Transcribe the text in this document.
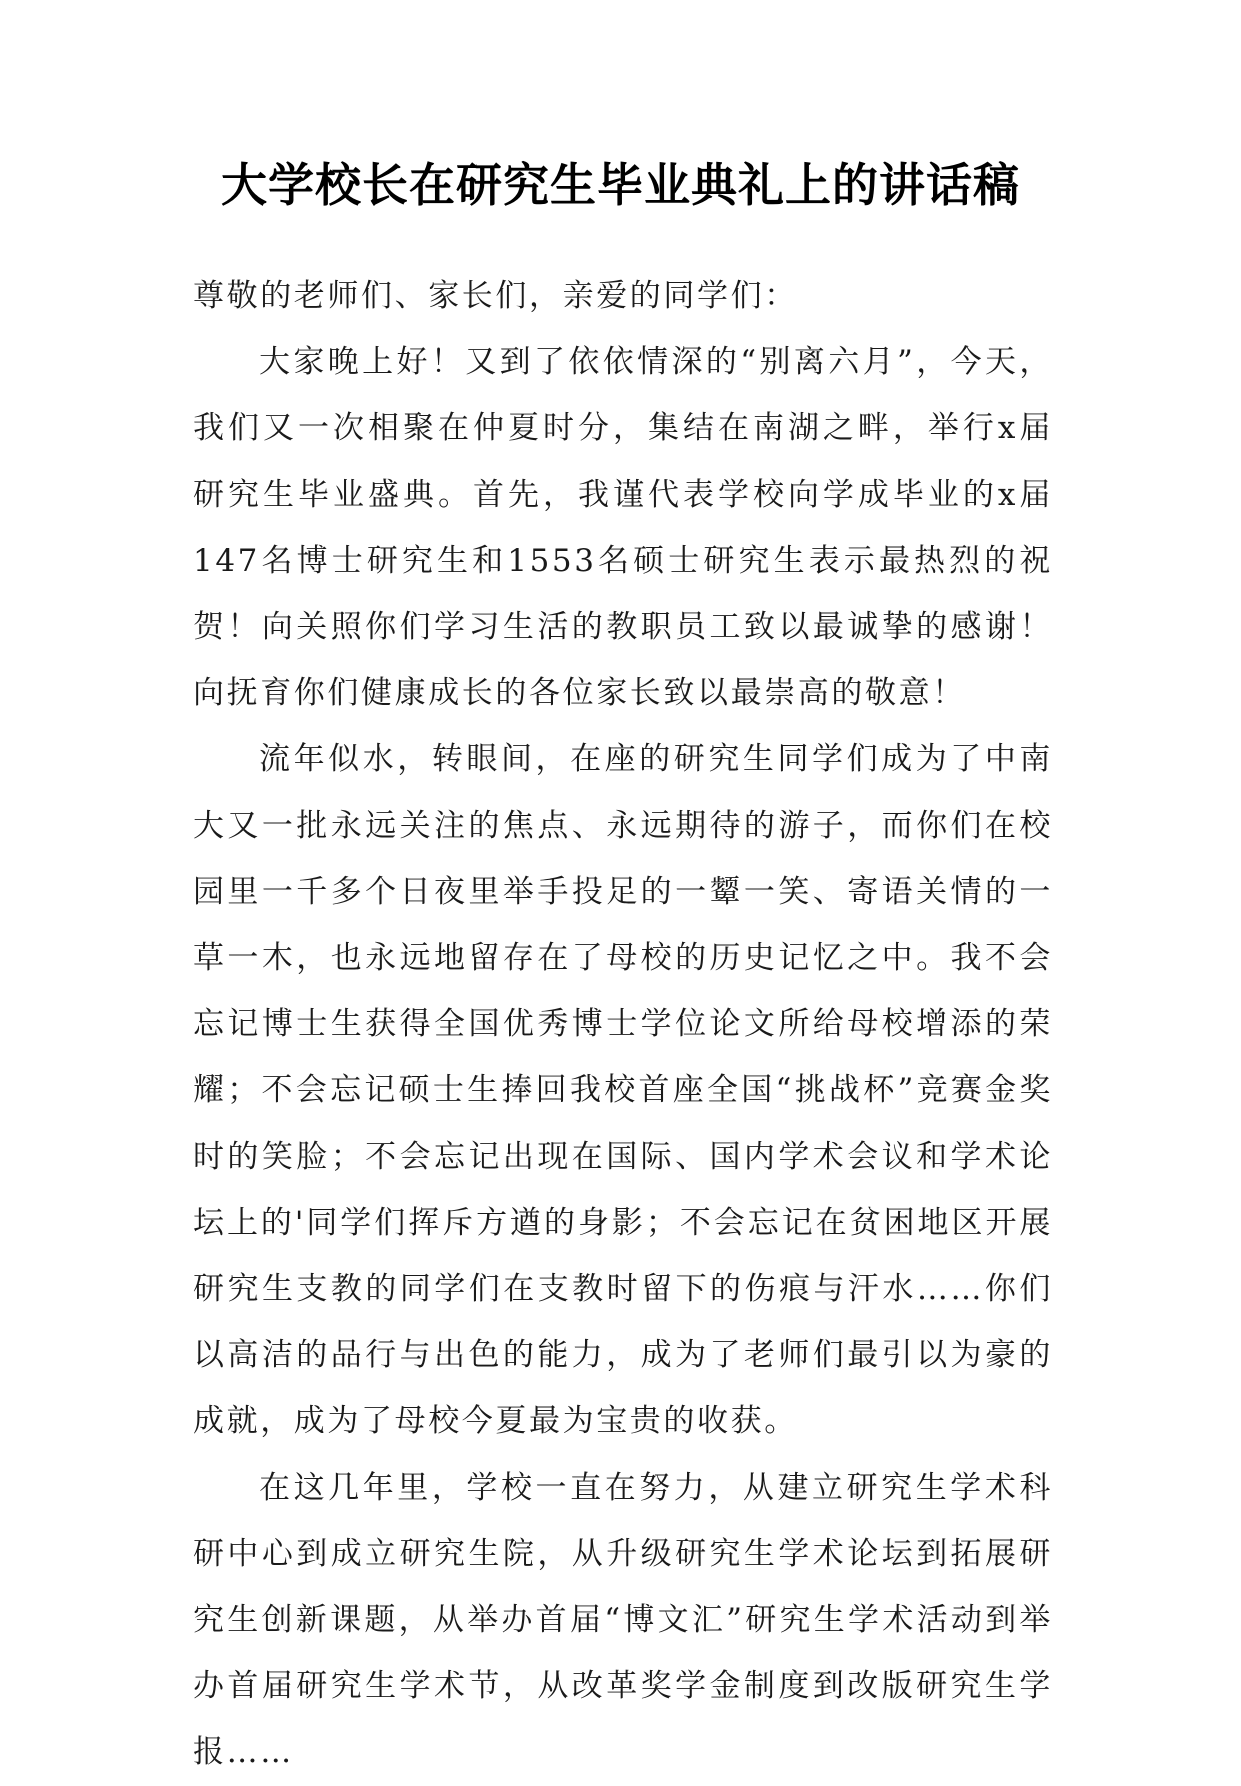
大学校长在研究生毕业典礼上的讲话稿

尊敬的老师们、家长们，亲爱的同学们：

大家晚上好！又到了依依情深的“别离六月”，今天，我们又一次相聚在仲夏时分，集结在南湖之畔，举行x届研究生毕业盛典。首先，我谨代表学校向学成毕业的x届147名博士研究生和1553名硕士研究生表示最热烈的祝贺！向关照你们学习生活的教职员工致以最诚挚的感谢！向抚育你们健康成长的各位家长致以最崇高的敬意！

流年似水，转眼间，在座的研究生同学们成为了中南大又一批永远关注的焦点、永远期待的游子，而你们在校园里一千多个日夜里举手投足的一颦一笑、寄语关情的一草一木，也永远地留存在了母校的历史记忆之中。我不会忘记博士生获得全国优秀博士学位论文所给母校增添的荣耀；不会忘记硕士生捧回我校首座全国“挑战杯”竞赛金奖时的笑脸；不会忘记出现在国际、国内学术会议和学术论坛上的'同学们挥斥方遒的身影；不会忘记在贫困地区开展研究生支教的同学们在支教时留下的伤痕与汗水……你们以高洁的品行与出色的能力，成为了老师们最引以为豪的成就，成为了母校今夏最为宝贵的收获。

在这几年里，学校一直在努力，从建立研究生学术科研中心到成立研究生院，从升级研究生学术论坛到拓展研究生创新课题，从举办首届“博文汇”研究生学术活动到举办首届研究生学术节，从改革奖学金制度到改版研究生学报……
